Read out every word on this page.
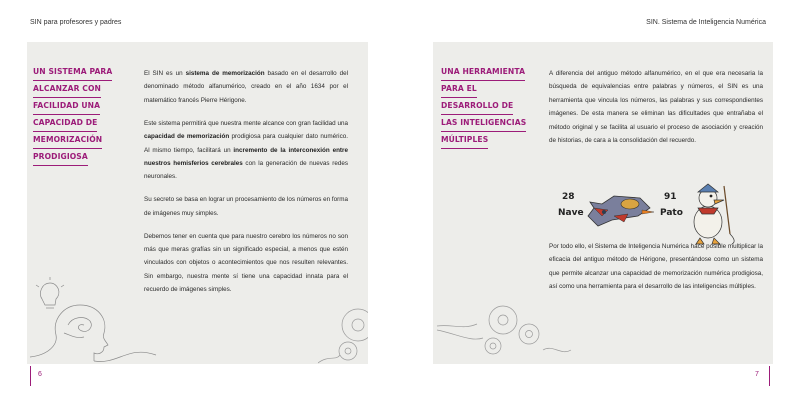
SIN para profesores y padres	SIN. Sistema de Inteligencia Numérica
UN SISTEMA PARA
ALCANZAR CON
FACILIDAD UNA
CAPACIDAD DE
MEMORIZACIÓN
PRODIGIOSA

El SIN es un sistema de memorización basado en el desarrollo del denominado método alfanumérico, creado en el año 1634 por el matemático francés Pierre Hérigone.

Este sistema permitirá que nuestra mente alcance con gran facilidad una capacidad de memorización prodigiosa para cualquier dato numérico. Al mismo tiempo, facilitará un incremento de la interconexión entre nuestros hemisferios cerebrales con la generación de nuevas redes neuronales.

Su secreto se basa en lograr un procesamiento de los números en forma de imágenes muy simples.

Debemos tener en cuenta que para nuestro cerebro los números no son más que meras grafías sin un significado especial, a menos que estén vinculados con objetos o acontecimientos que nos resulten relevantes. Sin embargo, nuestra mente sí tiene una capacidad innata para el recuerdo de imágenes simples.

UNA HERRAMIENTA
PARA EL
DESARROLLO DE
LAS INTELIGENCIAS
MÚLTIPLES

A diferencia del antiguo método alfanumérico, en el que era necesaria la búsqueda de equivalencias entre palabras y números, el SIN es una herramienta que vincula los números, las palabras y sus correspondientes imágenes. De esta manera se eliminan las dificultades que entrañaba el método original y se facilita al usuario el proceso de asociación y creación de historias, de cara a la consolidación del recuerdo.

28
Nave
91
Pato

Por todo ello, el Sistema de Inteligencia Numérica hace posible multiplicar la eficacia del antiguo método de Hérigone, presentándose como un sistema que permite alcanzar una capacidad de memorización numérica prodigiosa, así como una herramienta para el desarrollo de las inteligencias múltiples.

6	7
